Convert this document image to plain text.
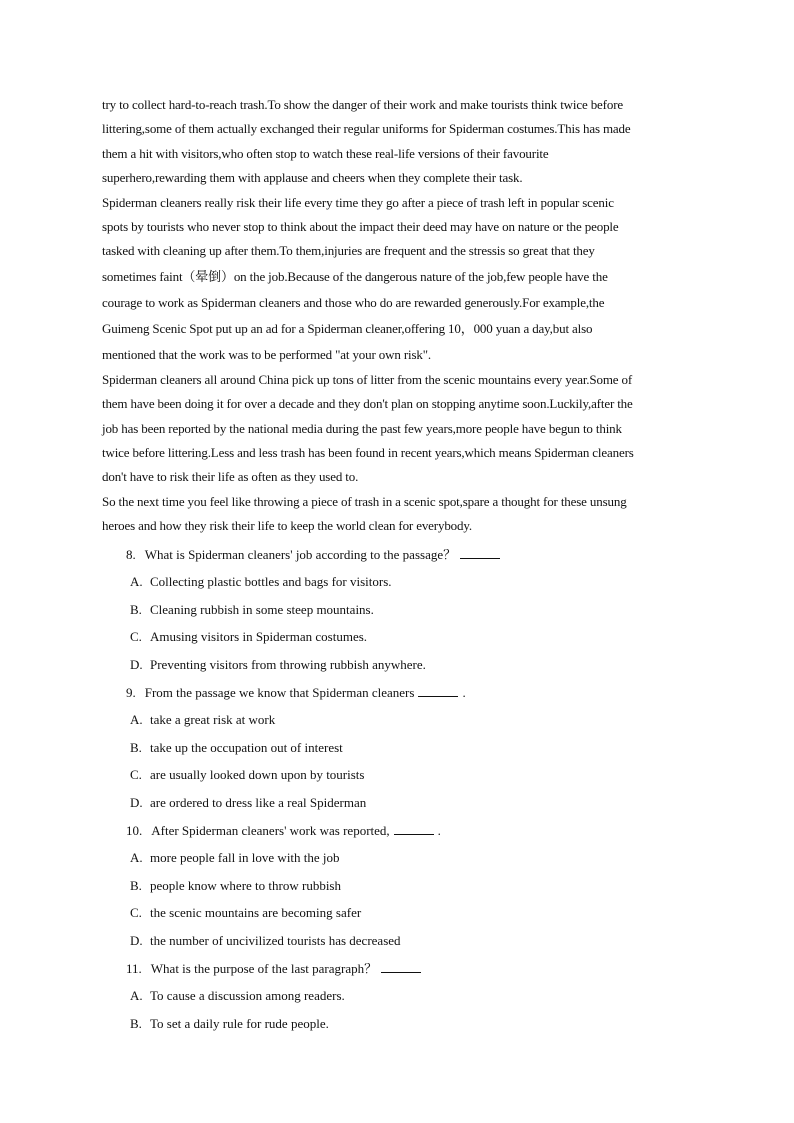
try to collect hard-to-reach trash.To show the danger of their work and make tourists think twice before
littering,some of them actually exchanged their regular uniforms for Spiderman costumes.This has made
them a hit with visitors,who often stop to watch these real-life versions of their favourite
superhero,rewarding them with applause and cheers when they complete their task.
Spiderman cleaners really risk their life every time they go after a piece of trash left in popular scenic
spots by tourists who never stop to think about the impact their deed may have on nature or the people
tasked with cleaning up after them.To them,injuries are frequent and the stressis so great that they
sometimes faint（晕倒）on the job.Because of the dangerous nature of the job,few people have the
courage to work as Spiderman cleaners and those who do are rewarded generously.For example,the
Guimeng Scenic Spot put up an ad for a Spiderman cleaner,offering 10，000 yuan a day,but also
mentioned that the work was to be performed "at your own risk".
Spiderman cleaners all around China pick up tons of litter from the scenic mountains every year.Some of
them have been doing it for over a decade and they don't plan on stopping anytime soon.Luckily,after the
job has been reported by the national media during the past few years,more people have begun to think
twice before littering.Less and less trash has been found in recent years,which means Spiderman cleaners
don't have to risk their life as often as they used to.
So the next time you feel like throwing a piece of trash in a scenic spot,spare a thought for these unsung
heroes and how they risk their life to keep the world clean for everybody.
8. What is Spiderman cleaners' job according to the passage？
A. Collecting plastic bottles and bags for visitors.
B. Cleaning rubbish in some steep mountains.
C. Amusing visitors in Spiderman costumes.
D. Preventing visitors from throwing rubbish anywhere.
9. From the passage we know that Spiderman cleaners	.
A. take a great risk at work
B. take up the occupation out of interest
C. are usually looked down upon by tourists
D. are ordered to dress like a real Spiderman
10. After Spiderman cleaners' work was reported,	.
A. more people fall in love with the job
B. people know where to throw rubbish
C. the scenic mountains are becoming safer
D. the number of uncivilized tourists has decreased
11. What is the purpose of the last paragraph？
A. To cause a discussion among readers.
B. To set a daily rule for rude people.
